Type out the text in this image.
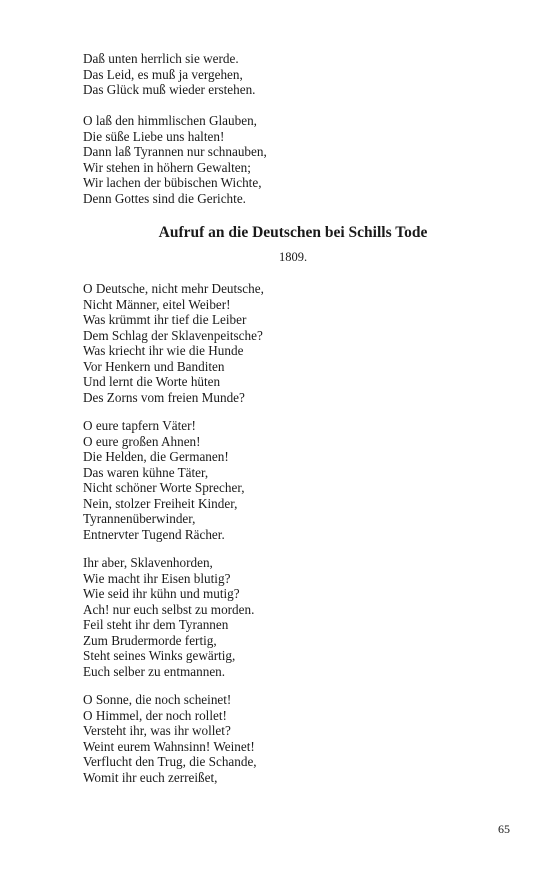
Daß unten herrlich sie werde.
Das Leid, es muß ja vergehen,
Das Glück muß wieder erstehen.
O laß den himmlischen Glauben,
Die süße Liebe uns halten!
Dann laß Tyrannen nur schnauben,
Wir stehen in höhern Gewalten;
Wir lachen der bübischen Wichte,
Denn Gottes sind die Gerichte.
Aufruf an die Deutschen bei Schills Tode
1809.
O Deutsche, nicht mehr Deutsche,
Nicht Männer, eitel Weiber!
Was krümmt ihr tief die Leiber
Dem Schlag der Sklavenpeitsche?
Was kriecht ihr wie die Hunde
Vor Henkern und Banditen
Und lernt die Worte hüten
Des Zorns vom freien Munde?
O eure tapfern Väter!
O eure großen Ahnen!
Die Helden, die Germanen!
Das waren kühne Täter,
Nicht schöner Worte Sprecher,
Nein, stolzer Freiheit Kinder,
Tyrannenüberwinder,
Entnervter Tugend Rächer.
Ihr aber, Sklavenhorden,
Wie macht ihr Eisen blutig?
Wie seid ihr kühn und mutig?
Ach! nur euch selbst zu morden.
Feil steht ihr dem Tyrannen
Zum Brudermorde fertig,
Steht seines Winks gewärtig,
Euch selber zu entmannen.
O Sonne, die noch scheinet!
O Himmel, der noch rollet!
Versteht ihr, was ihr wollet?
Weint eurem Wahnsinn! Weinet!
Verflucht den Trug, die Schande,
Womit ihr euch zerreißet,
65
